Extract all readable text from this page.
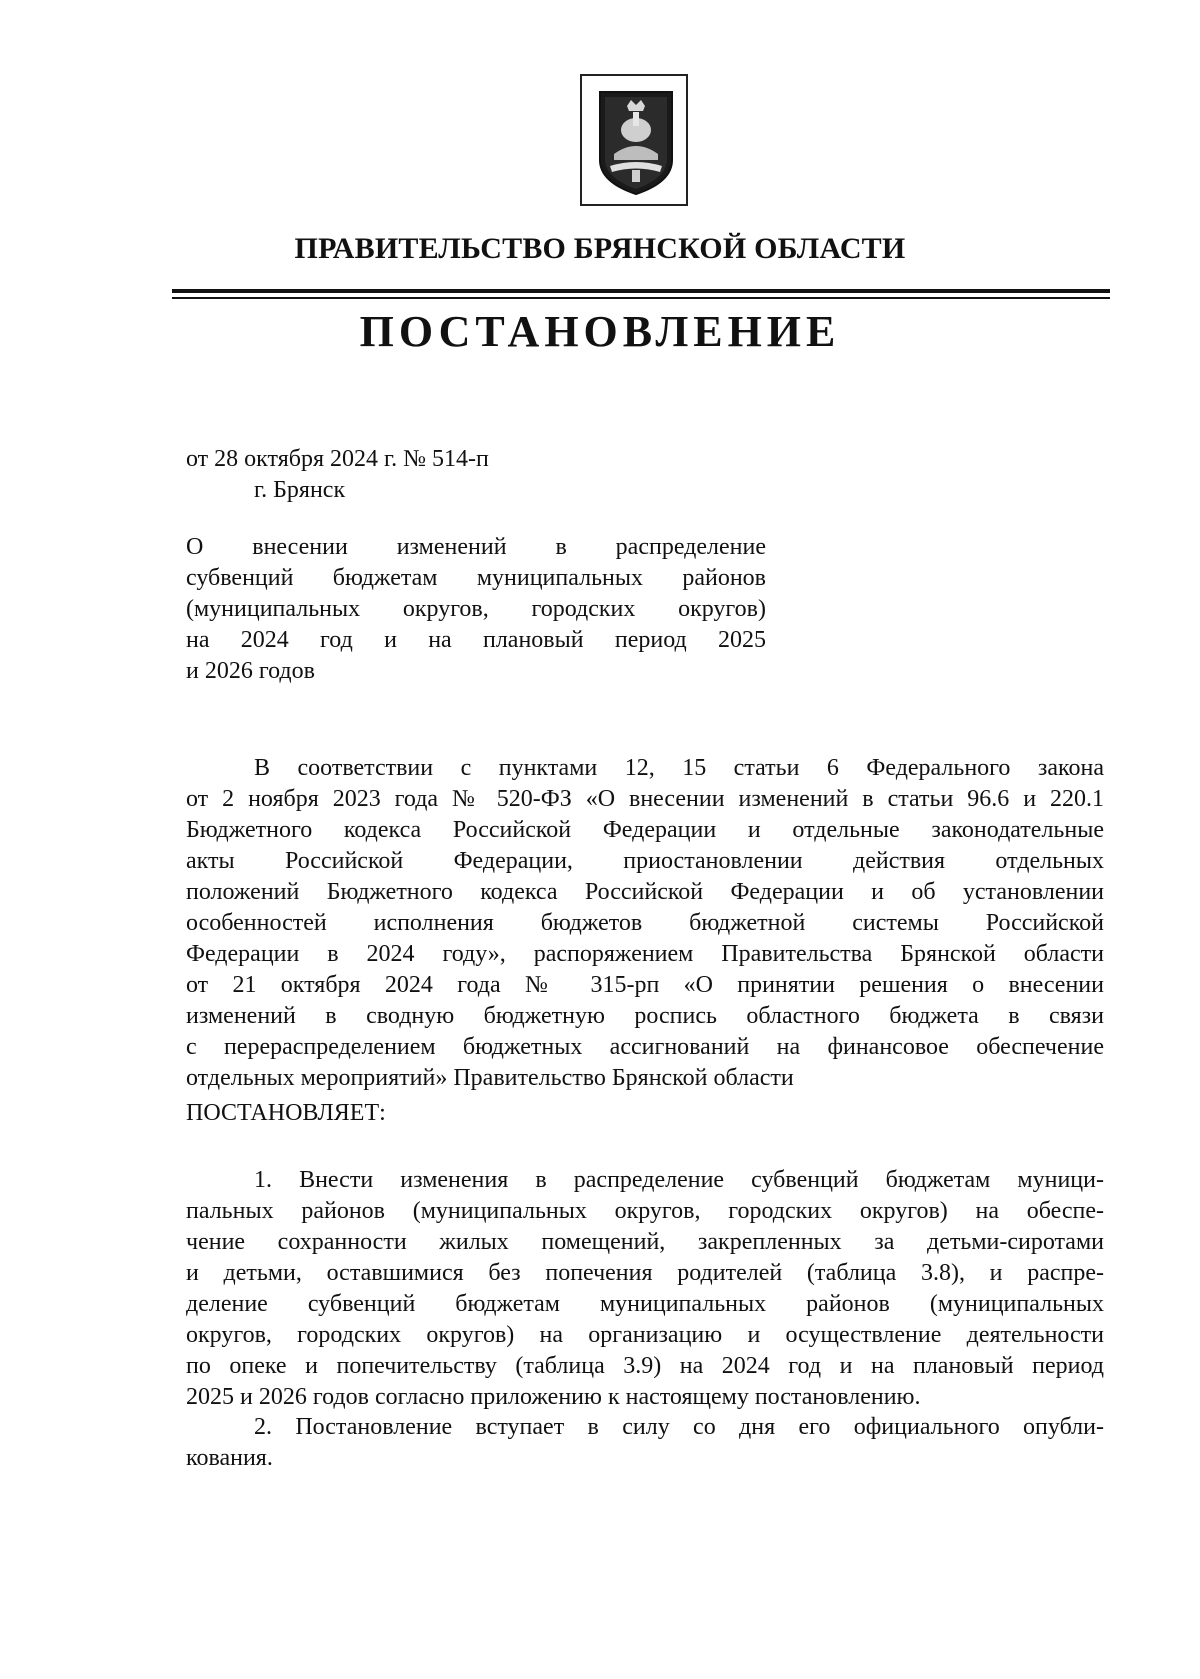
ПРАВИТЕЛЬСТВО БРЯНСКОЙ ОБЛАСТИ
ПОСТАНОВЛЕНИЕ
от 28 октября 2024 г. № 514-п
г. Брянск
О внесении изменений в распределение
субвенций бюджетам муниципальных районов
(муниципальных округов, городских округов)
на 2024 год и на плановый период 2025
и 2026 годов
В соответствии с пунктами 12, 15 статьи 6 Федерального закона
от 2 ноября 2023 года № 520-ФЗ «О внесении изменений в статьи 96.6 и 220.1
Бюджетного кодекса Российской Федерации и отдельные законодательные
акты Российской Федерации, приостановлении действия отдельных
положений Бюджетного кодекса Российской Федерации и об установлении
особенностей исполнения бюджетов бюджетной системы Российской
Федерации в 2024 году», распоряжением Правительства Брянской области
от 21 октября 2024 года № 315-рп «О принятии решения о внесении
изменений в сводную бюджетную роспись областного бюджета в связи
с перераспределением бюджетных ассигнований на финансовое обеспечение
отдельных мероприятий» Правительство Брянской области
ПОСТАНОВЛЯЕТ:
1. Внести изменения в распределение субвенций бюджетам муници-
пальных районов (муниципальных округов, городских округов) на обеспе-
чение сохранности жилых помещений, закрепленных за детьми-сиротами
и детьми, оставшимися без попечения родителей (таблица 3.8), и распре-
деление субвенций бюджетам муниципальных районов (муниципальных
округов, городских округов) на организацию и осуществление деятельности
по опеке и попечительству (таблица 3.9) на 2024 год и на плановый период
2025 и 2026 годов согласно приложению к настоящему постановлению.
2. Постановление вступает в силу со дня его официального опубли-
кования.
